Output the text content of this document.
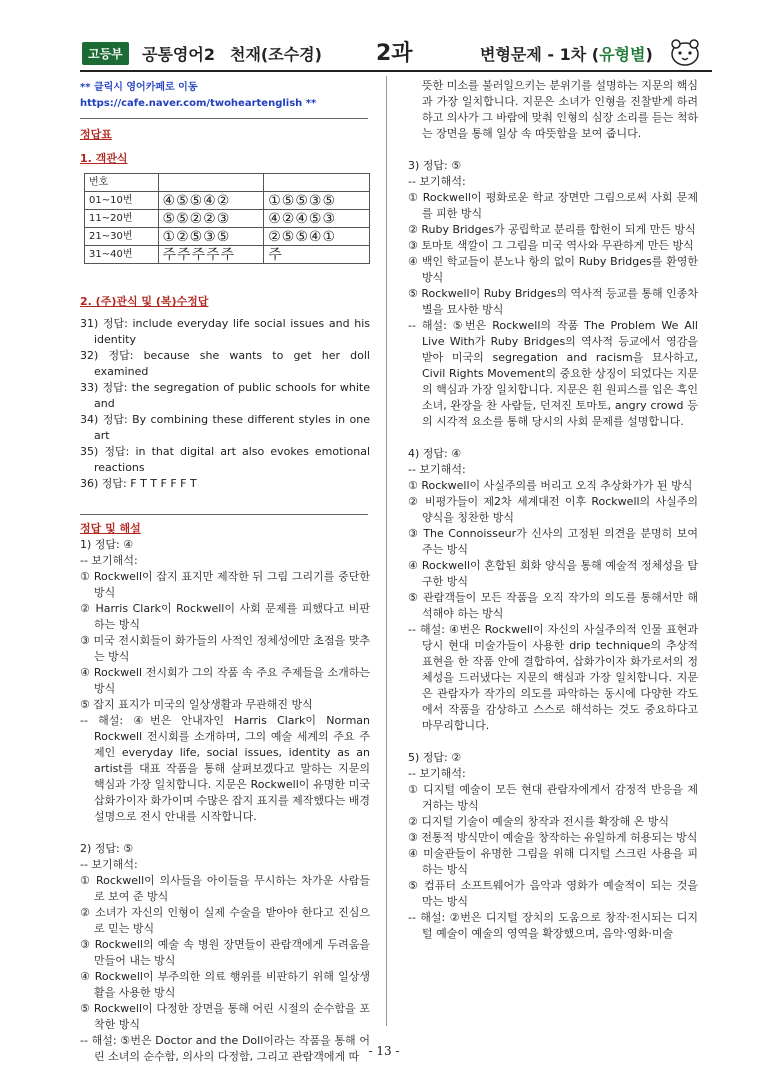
고등부	공통영어2 천재(조수경) 2과	변형문제 - 1차 (유형별)

** 클릭시 영어카페로 이동 https://cafe.naver.com/twoheartenglish **

정답표

1. 객관식

번호		
01~10번	④⑤⑤④②	①⑤⑤③⑤
11~20번	⑤⑤②②③	④②④⑤③
21~30번	①②⑤③⑤	②⑤⑤④①
31~40번	주주주주주	주

2. (주)관식 및 (복)수정답

31) 정답: include everyday life social issues and his identity

32) 정답: because she wants to get her doll examined

33) 정답: the segregation of public schools for white and

34) 정답: By combining these different styles in one art

35) 정답: in that digital art also evokes emotional reactions

36) 정답: F T T F F F T

정답 및 해설

1) 정답: ④

-- 보기해석:

① Rockwell이 잡지 표지만 제작한 뒤 그림 그리기를 중단한 방식

② Harris Clark이 Rockwell이 사회 문제를 피했다고 비판하는 방식

③ 미국 전시회들이 화가들의 사적인 정체성에만 초점을 맞추는 방식

④ Rockwell 전시회가 그의 작품 속 주요 주제들을 소개하는 방식

⑤ 잡지 표지가 미국의 일상생활과 무관해진 방식

-- 해설: ④번은 안내자인 Harris Clark이 Norman Rockwell 전시회를 소개하며, 그의 예술 세계의 주요 주제인 everyday life, social issues, identity as an artist를 대표 작품을 통해 살펴보겠다고 말하는 지문의 핵심과 가장 일치합니다. 지문은 Rockwell이 유명한 미국 삽화가이자 화가이며 수많은 잡지 표지를 제작했다는 배경 설명으로 전시 안내를 시작합니다.

2) 정답: ⑤

-- 보기해석:

① Rockwell이 의사들을 아이들을 무시하는 차가운 사람들로 보여 준 방식

② 소녀가 자신의 인형이 실제 수술을 받아야 한다고 진심으로 믿는 방식

③ Rockwell의 예술 속 병원 장면들이 관람객에게 두려움을 만들어 내는 방식

④ Rockwell이 부주의한 의료 행위를 비판하기 위해 일상생활을 사용한 방식

⑤ Rockwell이 다정한 장면을 통해 어린 시절의 순수함을 포착한 방식

-- 해설: ⑤번은 Doctor and the Doll이라는 작품을 통해 어린 소녀의 순수함, 의사의 다정함, 그리고 관람객에게 따

뜻한 미소를 불러일으키는 분위기를 설명하는 지문의 핵심과 가장 일치합니다. 지문은 소녀가 인형을 진찰받게 하려 하고 의사가 그 바람에 맞춰 인형의 심장 소리를 듣는 척하는 장면을 통해 일상 속 따뜻함을 보여 줍니다.

3) 정답: ⑤

-- 보기해석:

① Rockwell이 평화로운 학교 장면만 그림으로써 사회 문제를 피한 방식

② Ruby Bridges가 공립학교 분리를 합헌이 되게 만든 방식

③ 토마토 색깔이 그 그림을 미국 역사와 무관하게 만든 방식

④ 백인 학교들이 분노나 항의 없이 Ruby Bridges를 환영한 방식

⑤ Rockwell이 Ruby Bridges의 역사적 등교를 통해 인종차별을 묘사한 방식

-- 해설: ⑤번은 Rockwell의 작품 The Problem We All Live With가 Ruby Bridges의 역사적 등교에서 영감을 받아 미국의 segregation and racism을 묘사하고, Civil Rights Movement의 중요한 상징이 되었다는 지문의 핵심과 가장 일치합니다. 지문은 흰 원피스를 입은 흑인 소녀, 완장을 찬 사람들, 던져진 토마토, angry crowd 등의 시각적 요소를 통해 당시의 사회 문제를 설명합니다.

4) 정답: ④

-- 보기해석:

① Rockwell이 사실주의를 버리고 오직 추상화가가 된 방식

② 비평가들이 제2차 세계대전 이후 Rockwell의 사실주의 양식을 칭찬한 방식

③ The Connoisseur가 신사의 고정된 의견을 분명히 보여 주는 방식

④ Rockwell이 혼합된 회화 양식을 통해 예술적 정체성을 탐구한 방식

⑤ 관람객들이 모든 작품을 오직 작가의 의도를 통해서만 해석해야 하는 방식

-- 해설: ④번은 Rockwell이 자신의 사실주의적 인물 표현과 당시 현대 미술가들이 사용한 drip technique의 추상적 표현을 한 작품 안에 결합하여, 삽화가이자 화가로서의 정체성을 드러냈다는 지문의 핵심과 가장 일치합니다. 지문은 관람자가 작가의 의도를 파악하는 동시에 다양한 각도에서 작품을 감상하고 스스로 해석하는 것도 중요하다고 마무리합니다.

5) 정답: ②

-- 보기해석:

① 디지털 예술이 모든 현대 관람자에게서 감정적 반응을 제거하는 방식

② 디지털 기술이 예술의 창작과 전시를 확장해 온 방식

③ 전통적 방식만이 예술을 창작하는 유일하게 허용되는 방식

④ 미술관들이 유명한 그림을 위해 디지털 스크린 사용을 피하는 방식

⑤ 컴퓨터 소프트웨어가 음악과 영화가 예술적이 되는 것을 막는 방식

-- 해설: ②번은 디지털 장치의 도움으로 창작·전시되는 디지털 예술이 예술의 영역을 확장했으며, 음악·영화·미술

- 13 -
